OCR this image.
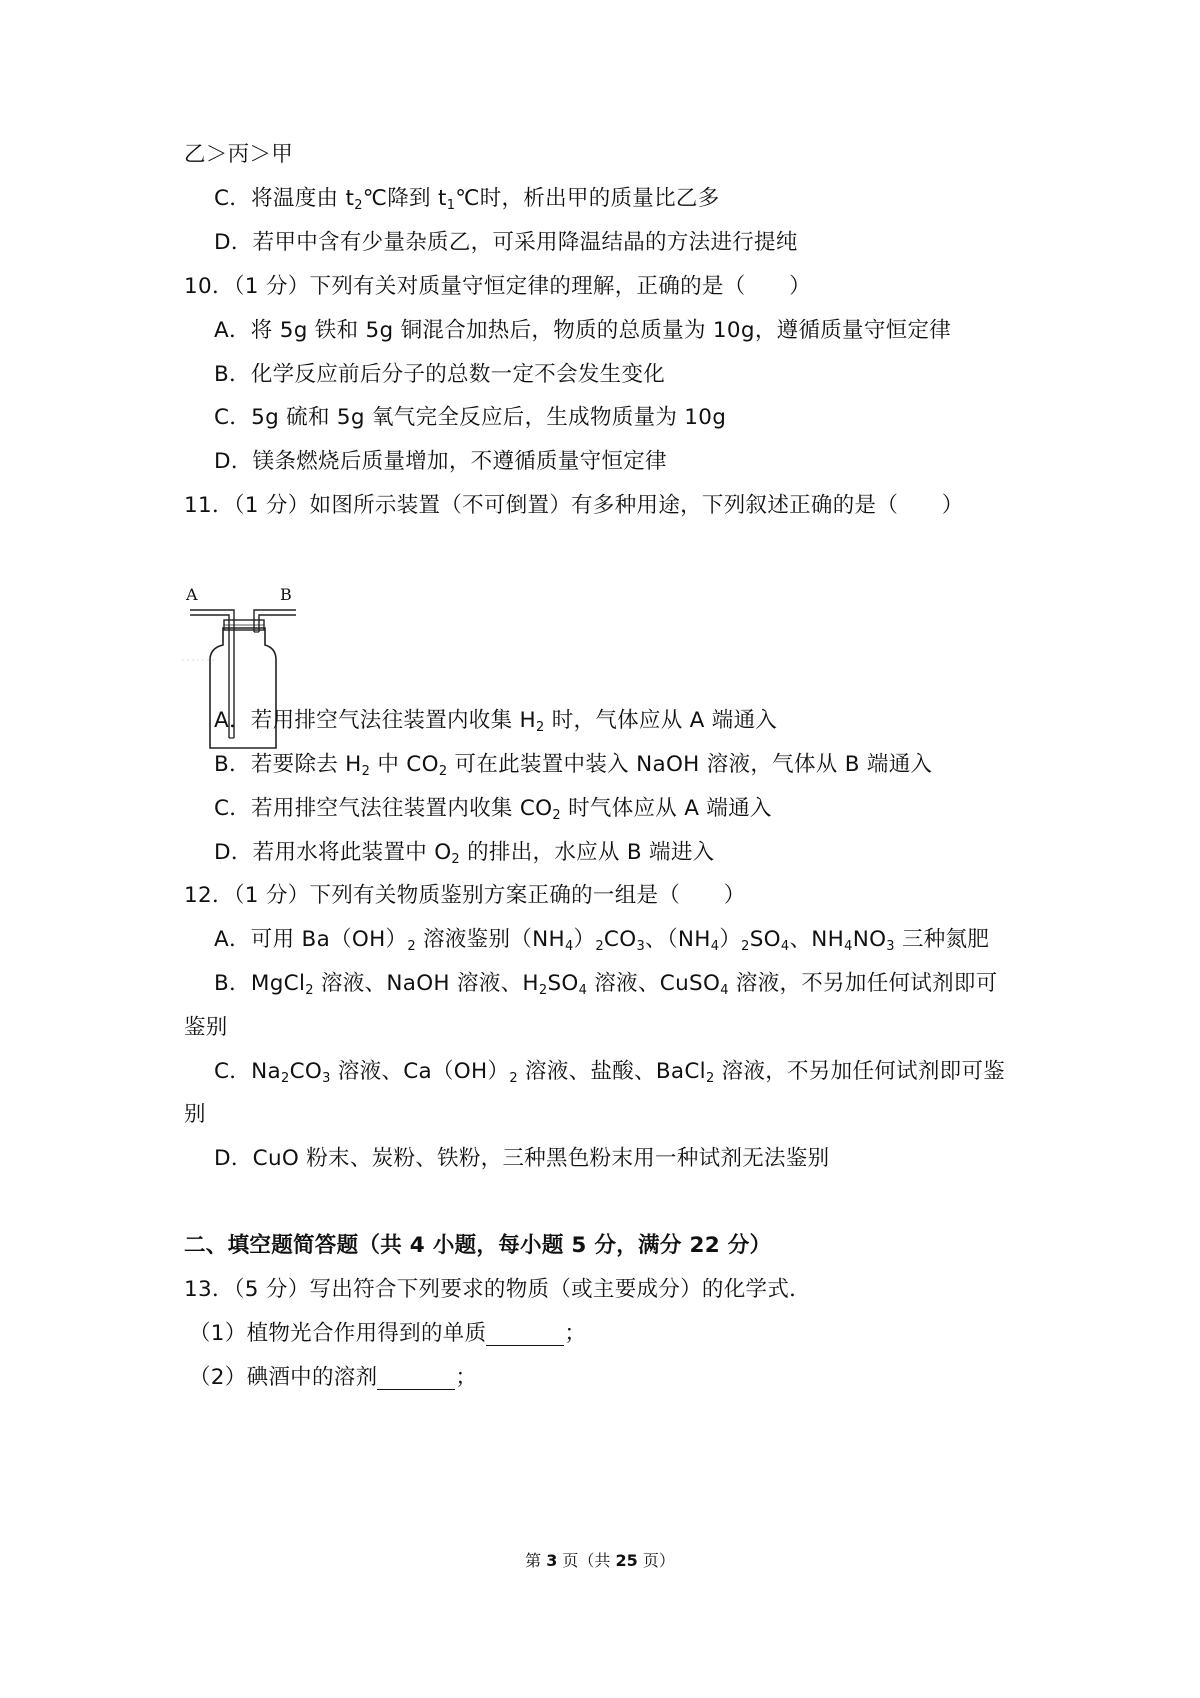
乙＞丙＞甲
C．将温度由 $t_2℃$降到 $t_1℃$时，析出甲的质量比乙多
D．若甲中含有少量杂质乙，可采用降温结晶的方法进行提纯
10．（1 分）下列有关对质量守恒定律的理解，正确的是（　　）
A．将 5g 铁和 5g 铜混合加热后，物质的总质量为 10g，遵循质量守恒定律
B．化学反应前后分子的总数一定不会发生变化
C．5g 硫和 5g 氧气完全反应后，生成物质量为 10g
D．镁条燃烧后质量增加，不遵循质量守恒定律
11．（1 分）如图所示装置（不可倒置）有多种用途，下列叙述正确的是（　　）
A	B
A．若用排空气法往装置内收集 $H_2$ 时，气体应从 A 端通入
B．若要除去 $H_2$ 中 $CO_2$ 可在此装置中装入 NaOH 溶液，气体从 B 端通入
C．若用排空气法往装置内收集 $CO_2$ 时气体应从 A 端通入
D．若用水将此装置中 $O_2$ 的排出，水应从 B 端进入
12．（1 分）下列有关物质鉴别方案正确的一组是（　　）
A．可用 $Ba(OH)_2$ 溶液鉴别$(NH_4)_2CO_3$、$(NH_4)_2SO_4$、$NH_4NO_3$ 三种氮肥
B．MgCl$_2$ 溶液、NaOH 溶液、$H_2SO_4$ 溶液、CuSO$_4$ 溶液，不另加任何试剂即可
鉴别
C．$Na_2CO_3$ 溶液、$Ca(OH)_2$ 溶液、盐酸、BaCl$_2$ 溶液，不另加任何试剂即可鉴
别
D．CuO 粉末、炭粉、铁粉，三种黑色粉末用一种试剂无法鉴别
二、填空题简答题（共 4 小题，每小题 5 分，满分 22 分）
13．（5 分）写出符合下列要求的物质（或主要成分）的化学式．
（1）植物光合作用得到的单质	；
（2）碘酒中的溶剂	；
第 3 页（共 25 页）
